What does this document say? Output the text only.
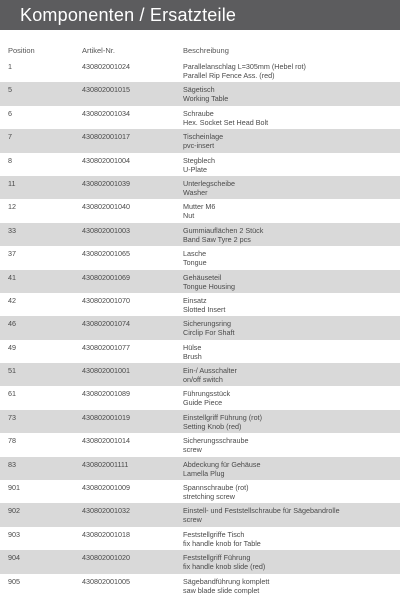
Komponenten / Ersatzteile
Position	Artikel-Nr.	Beschreibung
1	430802001024	Parallelanschlag L=305mm (Hebel rot)
Parallel Rip Fence Ass. (red)
5	430802001015	Sägetisch
Working Table
6	430802001034	Schraube
Hex. Socket Set Head Bolt
7	430802001017	Tischeinlage
pvc-insert
8	430802001004	Stegblech
U-Plate
11	430802001039	Unterlegscheibe
Washer
12	430802001040	Mutter M6
Nut
33	430802001003	Gummiauflächen 2 Stück
Band Saw Tyre 2 pcs
37	430802001065	Lasche
Tongue
41	430802001069	Gehäuseteil
Tongue Housing
42	430802001070	Einsatz
Slotted Insert
46	430802001074	Sicherungsring
Circlip For Shaft
49	430802001077	Hülse
Brush
51	430802001001	Ein-/ Ausschalter
on/off switch
61	430802001089	Führungsstück
Guide Piece
73	430802001019	Einstellgriff Führung (rot)
Setting Knob (red)
78	430802001014	Sicherungsschraube
screw
83	430802001111	Abdeckung für Gehäuse
Lamella Plug
901	430802001009	Spannschraube (rot)
stretching screw
902	430802001032	Einstell- und Feststellschraube für Sägebandrolle
screw
903	430802001018	Feststellgriffe Tisch
fix handle knob for Table
904	430802001020	Feststellgriff Führung
fix handle knob slide (red)
905	430802001005	Sägebandführung komplett
saw blade slide complet
